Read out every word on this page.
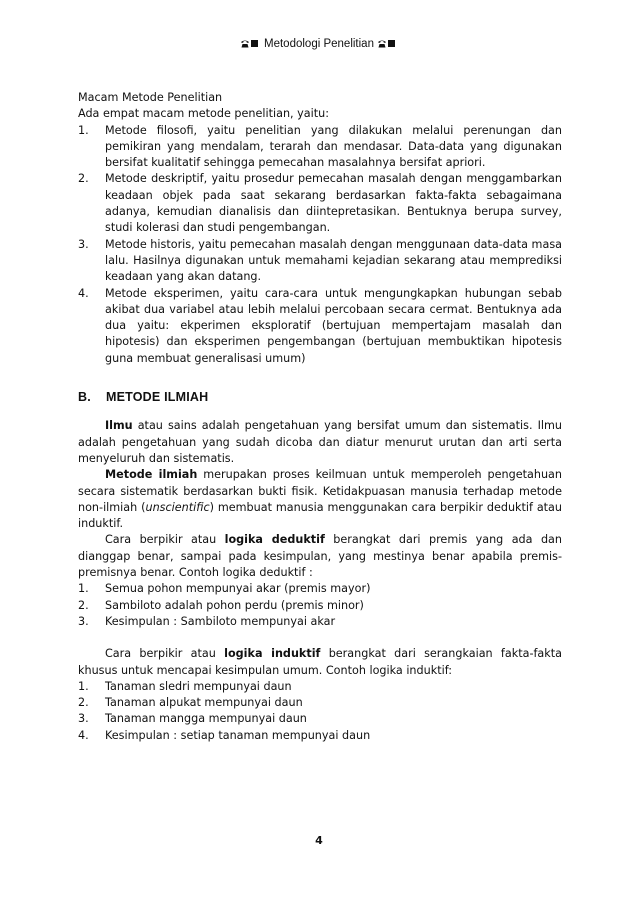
Metodologi Penelitian

Macam Metode Penelitian

Ada empat macam metode penelitian, yaitu:

1. Metode filosofi, yaitu penelitian yang dilakukan melalui perenungan dan pemikiran yang mendalam, terarah dan mendasar. Data-data yang digunakan bersifat kualitatif sehingga pemecahan masalahnya bersifat apriori.
2. Metode deskriptif, yaitu prosedur pemecahan masalah dengan menggambarkan keadaan objek pada saat sekarang berdasarkan fakta-fakta sebagaimana adanya, kemudian dianalisis dan diintepretasikan. Bentuknya berupa survey, studi kolerasi dan studi pengembangan.
3. Metode historis, yaitu pemecahan masalah dengan menggunaan data-data masa lalu. Hasilnya digunakan untuk memahami kejadian sekarang atau memprediksi keadaan yang akan datang.
4. Metode eksperimen, yaitu cara-cara untuk mengungkapkan hubungan sebab akibat dua variabel atau lebih melalui percobaan secara cermat. Bentuknya ada dua yaitu: ekperimen eksploratif (bertujuan mempertajam masalah dan hipotesis) dan eksperimen pengembangan (bertujuan membuktikan hipotesis guna membuat generalisasi umum)
B. METODE ILMIAH

Ilmu atau sains adalah pengetahuan yang bersifat umum dan sistematis. Ilmu adalah pengetahuan yang sudah dicoba dan diatur menurut urutan dan arti serta menyeluruh dan sistematis.

Metode ilmiah merupakan proses keilmuan untuk memperoleh pengetahuan secara sistematik berdasarkan bukti fisik. Ketidakpuasan manusia terhadap metode non-ilmiah (unscientific) membuat manusia menggunakan cara berpikir deduktif atau induktif.

Cara berpikir atau logika deduktif berangkat dari premis yang ada dan dianggap benar, sampai pada kesimpulan, yang mestinya benar apabila premis-premisnya benar. Contoh logika deduktif :

1. Semua pohon mempunyai akar (premis mayor)
2. Sambiloto adalah pohon perdu (premis minor)
3. Kesimpulan : Sambiloto mempunyai akar

Cara berpikir atau logika induktif berangkat dari serangkaian fakta-fakta khusus untuk mencapai kesimpulan umum. Contoh logika induktif:

1. Tanaman sledri mempunyai daun
2. Tanaman alpukat mempunyai daun
3. Tanaman mangga mempunyai daun
4. Kesimpulan : setiap tanaman mempunyai daun
4
